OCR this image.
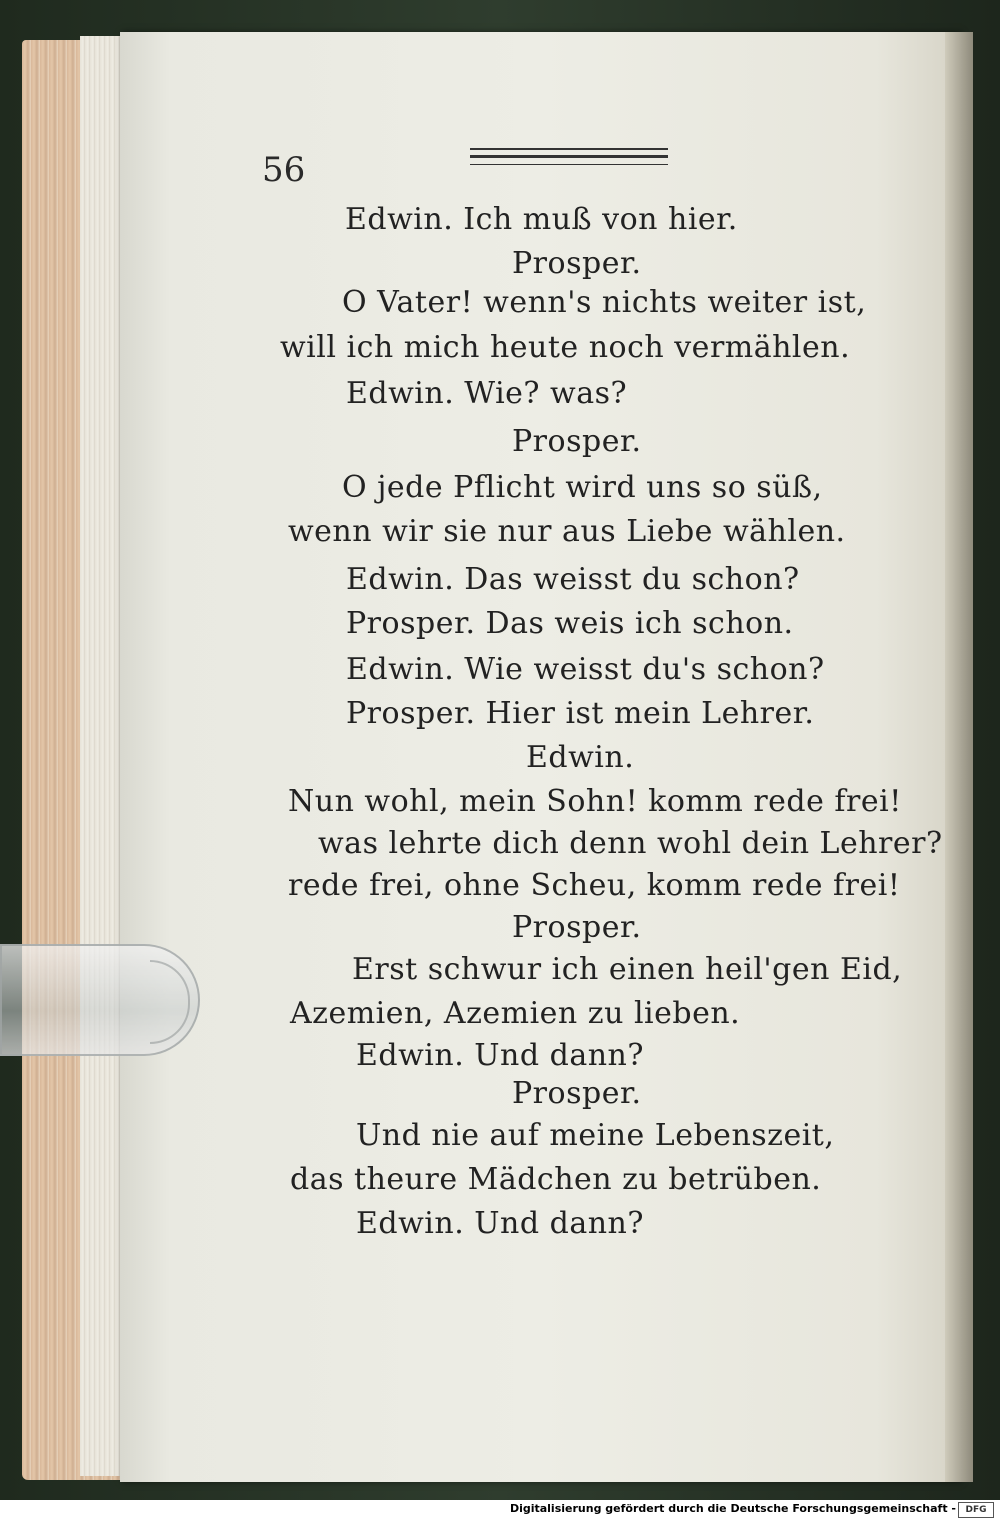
56
Edwin. Ich muß von hier.
Prosper.
O Vater! wenn's nichts weiter ist,
will ich mich heute noch vermählen.
Edwin. Wie? was?
Prosper.
O jede Pflicht wird uns so süß,
wenn wir sie nur aus Liebe wählen.
Edwin. Das weisst du schon?
Prosper. Das weis ich schon.
Edwin. Wie weisst du's schon?
Prosper. Hier ist mein Lehrer.
Edwin.
Nun wohl, mein Sohn! komm rede frei!
was lehrte dich denn wohl dein Lehrer?
rede frei, ohne Scheu, komm rede frei!
Prosper.
Erst schwur ich einen heil'gen Eid,
Azemien, Azemien zu lieben.
Edwin. Und dann?
Prosper.
Und nie auf meine Lebenszeit,
das theure Mädchen zu betrüben.
Edwin. Und dann?
Digitalisierung gefördert durch die Deutsche Forschungsgemeinschaft -	DFG
